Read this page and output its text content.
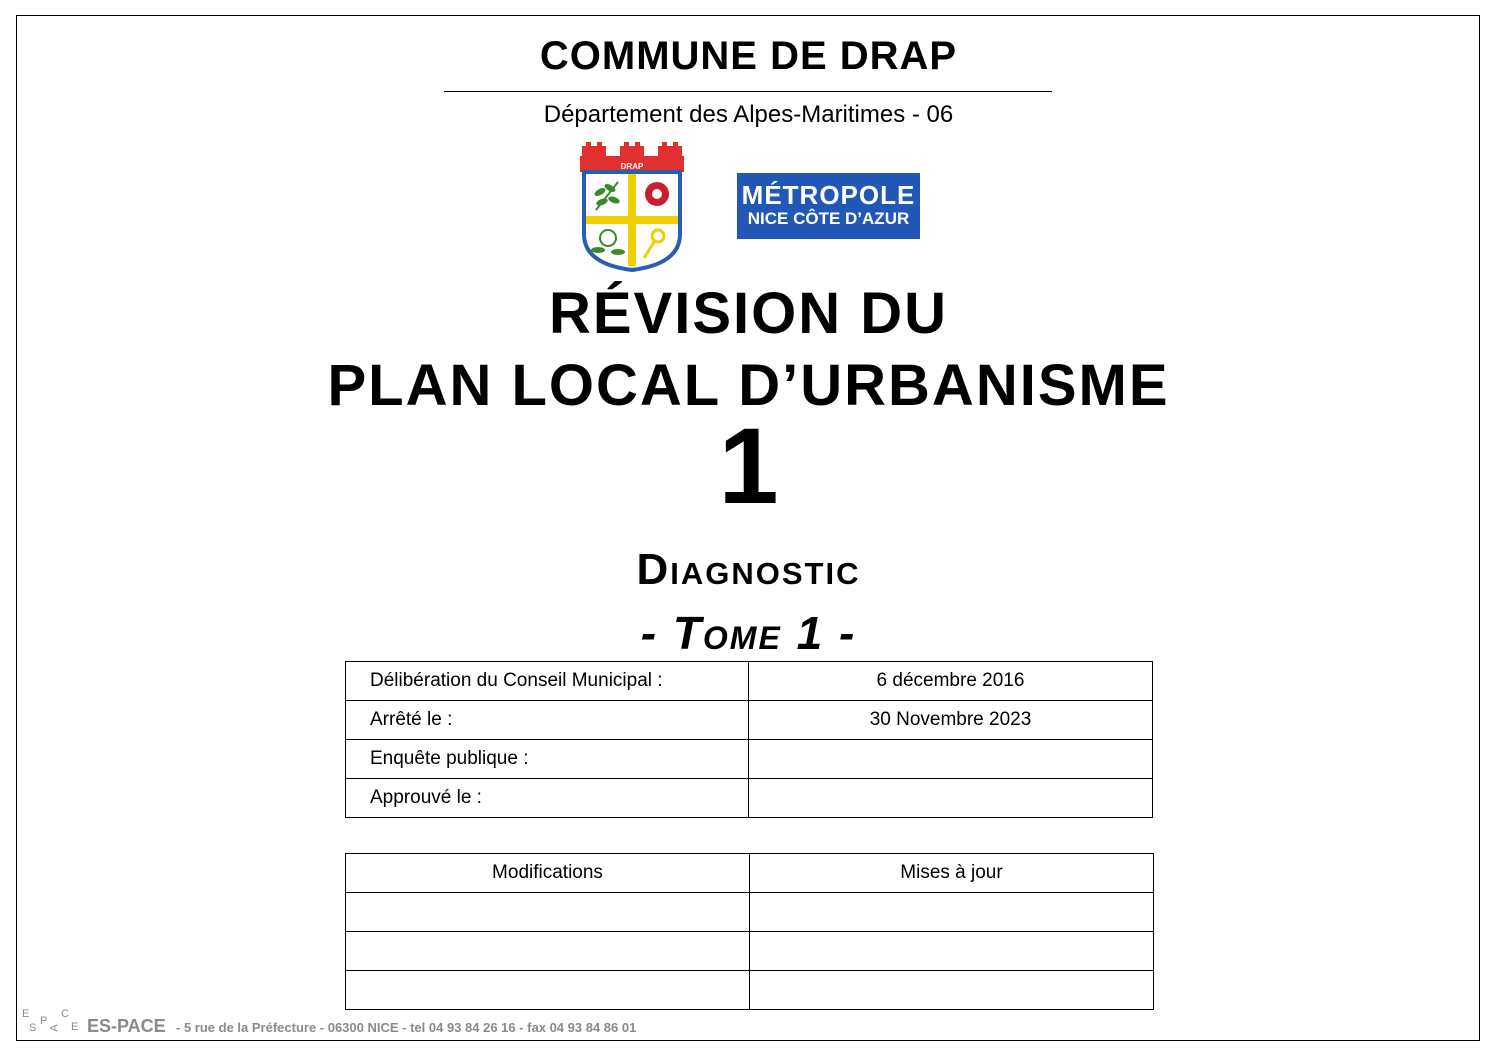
COMMUNE DE DRAP
Département des Alpes-Maritimes - 06
DRAP
MÉTROPOLE
NICE CÔTE D’AZUR
RÉVISION DU
PLAN LOCAL D’URBANISME
1
Diagnostic
- Tome 1 -
Délibération du Conseil Municipal :	6 décembre 2016
Arrêté le :	30 Novembre 2023
Enquête publique :	
Approuvé le :	
Modifications	Mises à jour

E
S
P
A
C
E ES-PACE - 5 rue de la Préfecture - 06300 NICE - tel 04 93 84 26 16 - fax 04 93 84 86 01
